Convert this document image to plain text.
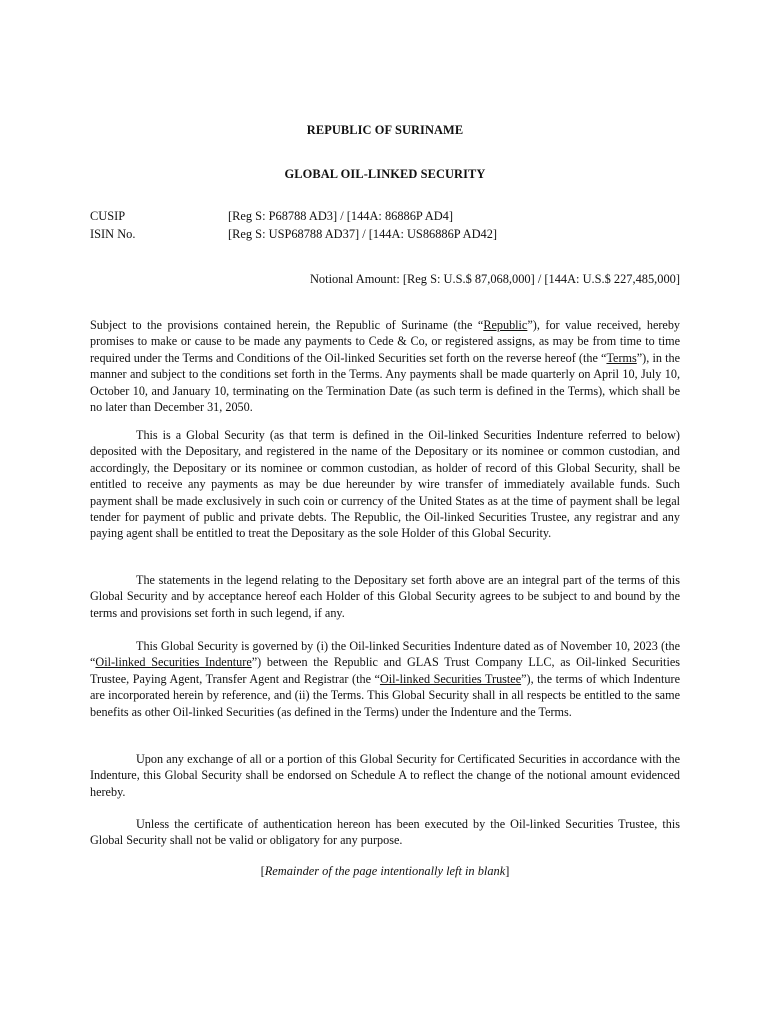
REPUBLIC OF SURINAME
GLOBAL OIL-LINKED SECURITY
CUSIP	[Reg S: P68788 AD3] / [144A: 86886P AD4]
ISIN No.	[Reg S: USP68788 AD37] / [144A: US86886P AD42]
Notional Amount: [Reg S: U.S.$ 87,068,000] / [144A: U.S.$ 227,485,000]

Subject to the provisions contained herein, the Republic of Suriname (the “Republic”), for value received, hereby promises to make or cause to be made any payments to Cede & Co, or registered assigns, as may be from time to time required under the Terms and Conditions of the Oil-linked Securities set forth on the reverse hereof (the “Terms”), in the manner and subject to the conditions set forth in the Terms. Any payments shall be made quarterly on April 10, July 10, October 10, and January 10, terminating on the Termination Date (as such term is defined in the Terms), which shall be no later than December 31, 2050.

This is a Global Security (as that term is defined in the Oil-linked Securities Indenture referred to below) deposited with the Depositary, and registered in the name of the Depositary or its nominee or common custodian, and accordingly, the Depositary or its nominee or common custodian, as holder of record of this Global Security, shall be entitled to receive any payments as may be due hereunder by wire transfer of immediately available funds. Such payment shall be made exclusively in such coin or currency of the United States as at the time of payment shall be legal tender for payment of public and private debts. The Republic, the Oil-linked Securities Trustee, any registrar and any paying agent shall be entitled to treat the Depositary as the sole Holder of this Global Security.

The statements in the legend relating to the Depositary set forth above are an integral part of the terms of this Global Security and by acceptance hereof each Holder of this Global Security agrees to be subject to and bound by the terms and provisions set forth in such legend, if any.

This Global Security is governed by (i) the Oil-linked Securities Indenture dated as of November 10, 2023 (the “Oil-linked Securities Indenture”) between the Republic and GLAS Trust Company LLC, as Oil-linked Securities Trustee, Paying Agent, Transfer Agent and Registrar (the “Oil-linked Securities Trustee”), the terms of which Indenture are incorporated herein by reference, and (ii) the Terms. This Global Security shall in all respects be entitled to the same benefits as other Oil-linked Securities (as defined in the Terms) under the Indenture and the Terms.

Upon any exchange of all or a portion of this Global Security for Certificated Securities in accordance with the Indenture, this Global Security shall be endorsed on Schedule A to reflect the change of the notional amount evidenced hereby.

Unless the certificate of authentication hereon has been executed by the Oil-linked Securities Trustee, this Global Security shall not be valid or obligatory for any purpose.

[Remainder of the page intentionally left in blank]
